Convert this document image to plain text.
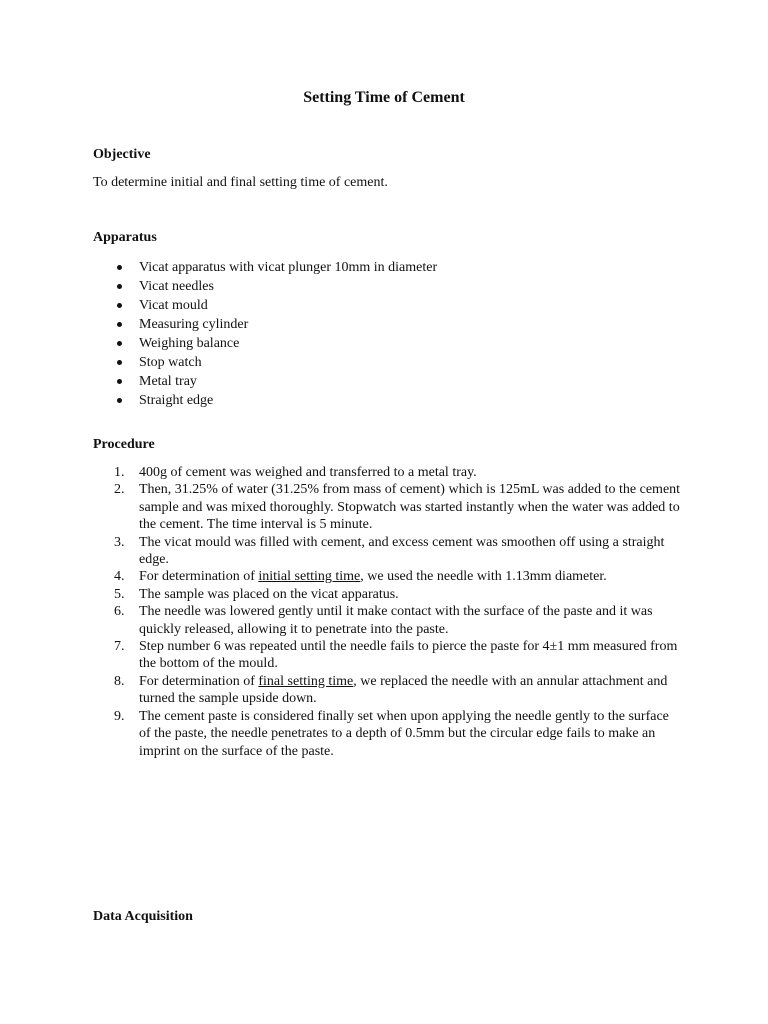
Setting Time of Cement
Objective

To determine initial and final setting time of cement.

Apparatus
Vicat apparatus with vicat plunger 10mm in diameter
Vicat needles
Vicat mould
Measuring cylinder
Weighing balance
Stop watch
Metal tray
Straight edge
Procedure
1. 400g of cement was weighed and transferred to a metal tray.
2. Then, 31.25% of water (31.25% from mass of cement) which is 125mL was added to the cement sample and was mixed thoroughly. Stopwatch was started instantly when the water was added to the cement. The time interval is 5 minute.
3. The vicat mould was filled with cement, and excess cement was smoothen off using a straight edge.
4. For determination of initial setting time, we used the needle with 1.13mm diameter.
5. The sample was placed on the vicat apparatus.
6. The needle was lowered gently until it make contact with the surface of the paste and it was quickly released, allowing it to penetrate into the paste.
7. Step number 6 was repeated until the needle fails to pierce the paste for 4±1 mm measured from the bottom of the mould.
8. For determination of final setting time, we replaced the needle with an annular attachment and turned the sample upside down.
9. The cement paste is considered finally set when upon applying the needle gently to the surface of the paste, the needle penetrates to a depth of 0.5mm but the circular edge fails to make an imprint on the surface of the paste.
Data Acquisition
